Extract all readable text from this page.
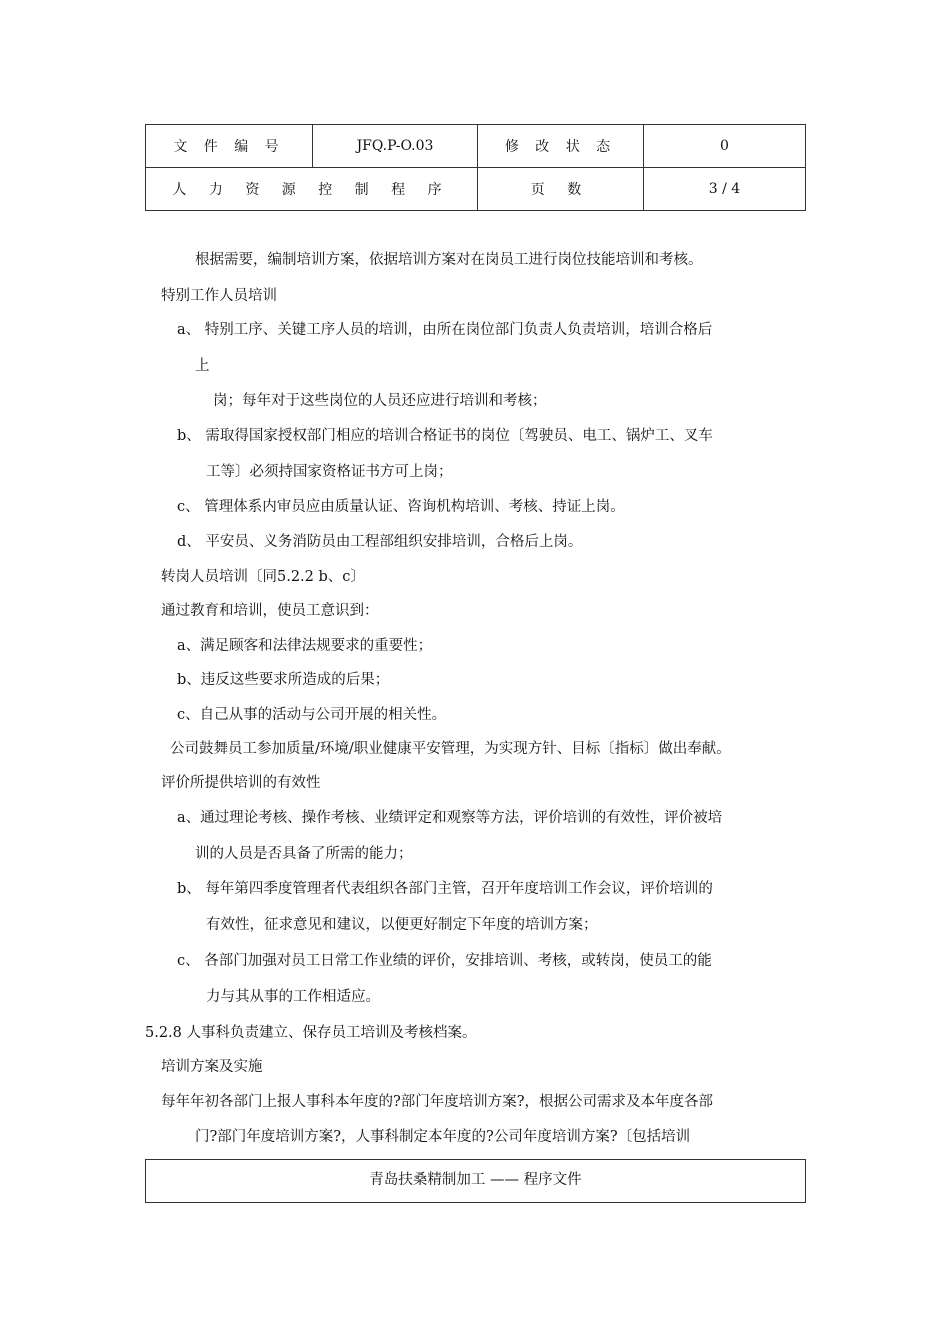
文 件 编 号	JFQ.P-O.03	修 改 状 态	0
人 力 资 源 控 制 程 序		页 数	3 / 4
根据需要，编制培训方案，依据培训方案对在岗员工进行岗位技能培训和考核。
特别工作人员培训
a、 特别工序、关键工序人员的培训，由所在岗位部门负责人负责培训，培训合格后
上
岗；每年对于这些岗位的人员还应进行培训和考核；
b、 需取得国家授权部门相应的培训合格证书的岗位〔驾驶员、电工、锅炉工、叉车
工等〕必须持国家资格证书方可上岗；
c、 管理体系内审员应由质量认证、咨询机构培训、考核、持证上岗。
d、 平安员、义务消防员由工程部组织安排培训，合格后上岗。
转岗人员培训〔同5.2.2 b、c〕
通过教育和培训，使员工意识到：
a、满足顾客和法律法规要求的重要性；
b、违反这些要求所造成的后果；
c、自己从事的活动与公司开展的相关性。
公司鼓舞员工参加质量/环境/职业健康平安管理，为实现方针、目标〔指标〕做出奉献。
评价所提供培训的有效性
a、通过理论考核、操作考核、业绩评定和观察等方法，评价培训的有效性，评价被培
训的人员是否具备了所需的能力；
b、 每年第四季度管理者代表组织各部门主管，召开年度培训工作会议，评价培训的
有效性，征求意见和建议，以便更好制定下年度的培训方案；
c、 各部门加强对员工日常工作业绩的评价，安排培训、考核，或转岗，使员工的能
力与其从事的工作相适应。
5.2.8 人事科负责建立、保存员工培训及考核档案。
培训方案及实施
每年年初各部门上报人事科本年度的?部门年度培训方案?，根据公司需求及本年度各部
门?部门年度培训方案?，人事科制定本年度的?公司年度培训方案?〔包括培训
青岛扶桑精制加工 —— 程序文件
